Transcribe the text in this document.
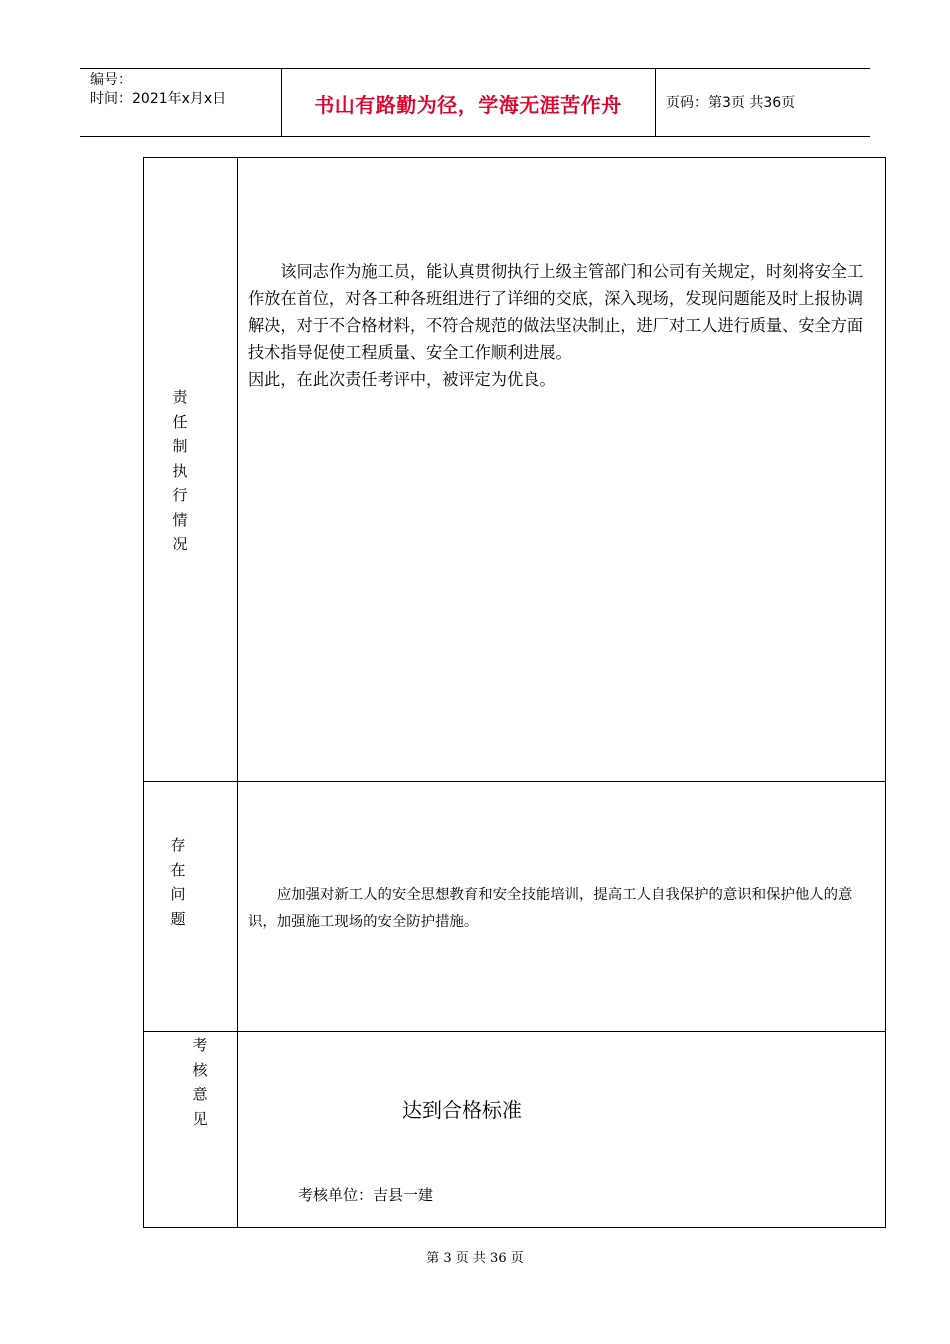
编号：
时间：2021年x月x日	书山有路勤为径，学海无涯苦作舟	页码：第3页 共36页
责
任
制
执
行
情
况
存
在
问
题
考
核
意
见

该同志作为施工员，能认真贯彻执行上级主管部门和公司有关规定，时刻将安全工作放在首位，对各工种各班组进行了详细的交底，深入现场，发现问题能及时上报协调解决，对于不合格材料，不符合规范的做法坚决制止，进厂对工人进行质量、安全方面技术指导促使工程质量、安全工作顺利进展。

因此，在此次责任考评中，被评定为优良。

应加强对新工人的安全思想教育和安全技能培训，提高工人自我保护的意识和保护他人的意识，加强施工现场的安全防护措施。

达到合格标准
考核单位：吉县一建
第 3 页 共 36 页
